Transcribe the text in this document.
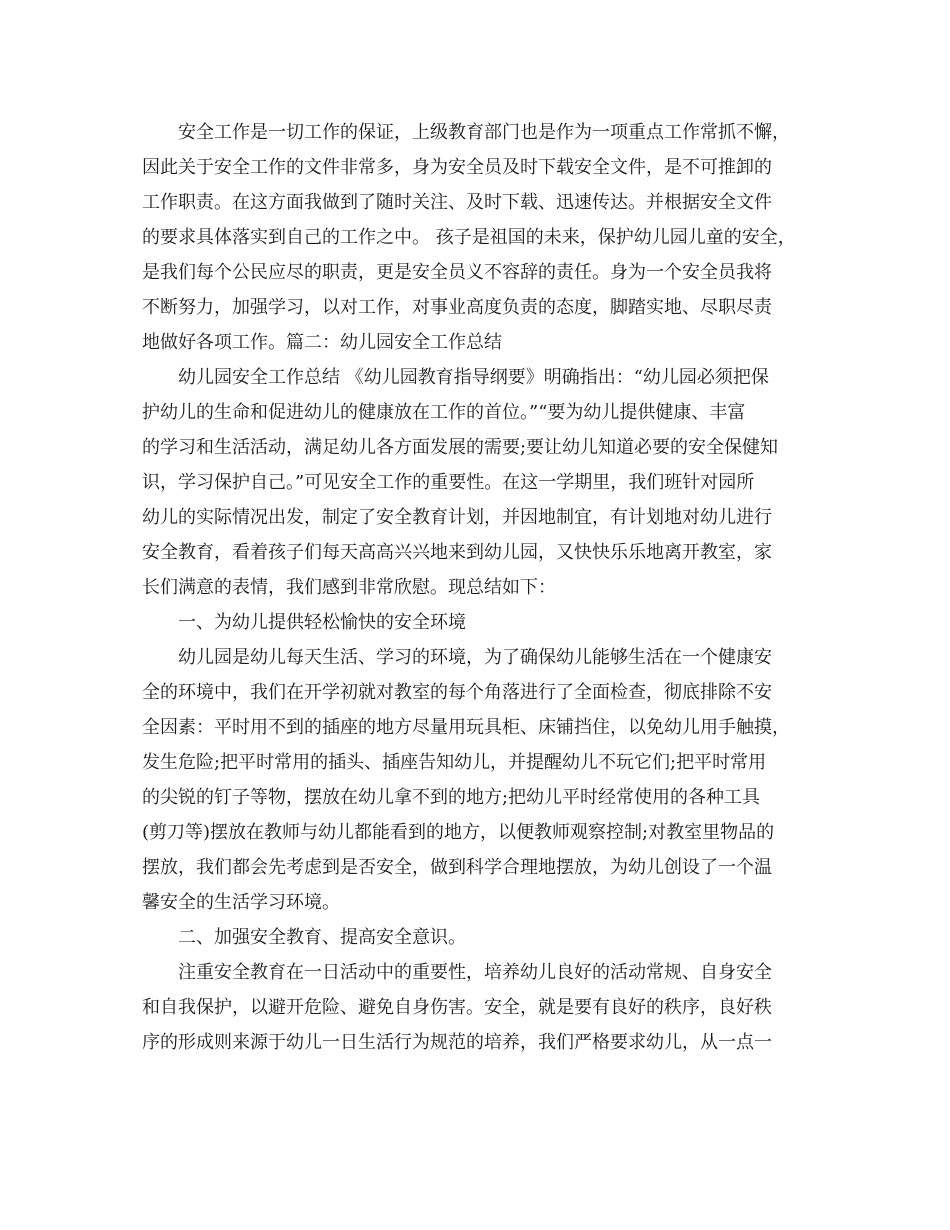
　　安全工作是一切工作的保证，上级教育部门也是作为一项重点工作常抓不懈，
因此关于安全工作的文件非常多，身为安全员及时下载安全文件，是不可推卸的
工作职责。在这方面我做到了随时关注、及时下载、迅速传达。并根据安全文件
的要求具体落实到自己的工作之中。 孩子是祖国的未来，保护幼儿园儿童的安全，
是我们每个公民应尽的职责，更是安全员义不容辞的责任。身为一个安全员我将
不断努力，加强学习，以对工作，对事业高度负责的态度，脚踏实地、尽职尽责
地做好各项工作。篇二：幼儿园安全工作总结
　　幼儿园安全工作总结 《幼儿园教育指导纲要》明确指出：“幼儿园必须把保
护幼儿的生命和促进幼儿的健康放在工作的首位。”“要为幼儿提供健康、丰富
的学习和生活活动，满足幼儿各方面发展的需要;要让幼儿知道必要的安全保健知
识，学习保护自己。”可见安全工作的重要性。在这一学期里，我们班针对园所
幼儿的实际情况出发，制定了安全教育计划，并因地制宜，有计划地对幼儿进行
安全教育，看着孩子们每天高高兴兴地来到幼儿园，又快快乐乐地离开教室，家
长们满意的表情，我们感到非常欣慰。现总结如下：
　　一、为幼儿提供轻松愉快的安全环境
　　幼儿园是幼儿每天生活、学习的环境，为了确保幼儿能够生活在一个健康安
全的环境中，我们在开学初就对教室的每个角落进行了全面检查，彻底排除不安
全因素：平时用不到的插座的地方尽量用玩具柜、床铺挡住，以免幼儿用手触摸，
发生危险;把平时常用的插头、插座告知幼儿，并提醒幼儿不玩它们;把平时常用
的尖锐的钉子等物，摆放在幼儿拿不到的地方;把幼儿平时经常使用的各种工具
(剪刀等)摆放在教师与幼儿都能看到的地方，以便教师观察控制;对教室里物品的
摆放，我们都会先考虑到是否安全，做到科学合理地摆放，为幼儿创设了一个温
馨安全的生活学习环境。
　　二、加强安全教育、提高安全意识。
　　注重安全教育在一日活动中的重要性，培养幼儿良好的活动常规、自身安全
和自我保护，以避开危险、避免自身伤害。安全，就是要有良好的秩序，良好秩
序的形成则来源于幼儿一日生活行为规范的培养，我们严格要求幼儿，从一点一
